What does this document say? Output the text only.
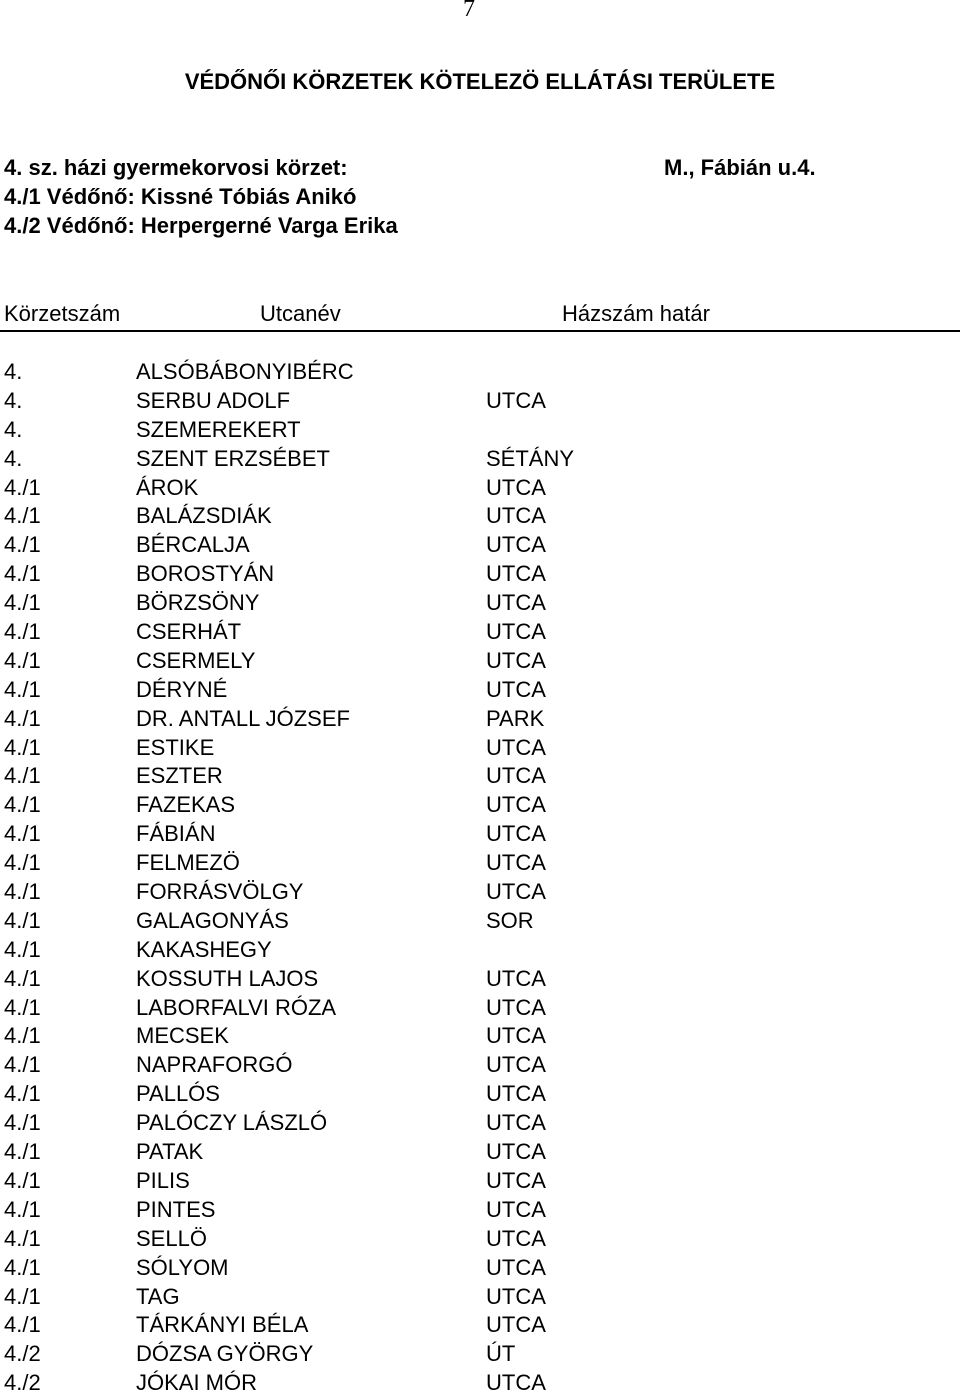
7
VÉDŐNŐI KÖRZETEK KÖTELEZÖ ELLÁTÁSI TERÜLETE
4. sz. házi gyermekorvosi körzet:	M., Fábián u.4.
4./1 Védőnő: Kissné Tóbiás Anikó
4./2 Védőnő: Herpergerné Varga Erika
Körzetszám	Utcanév	Házszám határ
4.	ALSÓBÁBONYIBÉRC
4.	SERBU ADOLF	UTCA
4.	SZEMEREKERT
4.	SZENT ERZSÉBET	SÉTÁNY
4./1	ÁROK	UTCA
4./1	BALÁZSDIÁK	UTCA
4./1	BÉRCALJA	UTCA
4./1	BOROSTYÁN	UTCA
4./1	BÖRZSÖNY	UTCA
4./1	CSERHÁT	UTCA
4./1	CSERMELY	UTCA
4./1	DÉRYNÉ	UTCA
4./1	DR. ANTALL JÓZSEF	PARK
4./1	ESTIKE	UTCA
4./1	ESZTER	UTCA
4./1	FAZEKAS	UTCA
4./1	FÁBIÁN	UTCA
4./1	FELMEZÖ	UTCA
4./1	FORRÁSVÖLGY	UTCA
4./1	GALAGONYÁS	SOR
4./1	KAKASHEGY
4./1	KOSSUTH LAJOS	UTCA
4./1	LABORFALVI RÓZA	UTCA
4./1	MECSEK	UTCA
4./1	NAPRAFORGÓ	UTCA
4./1	PALLÓS	UTCA
4./1	PALÓCZY LÁSZLÓ	UTCA
4./1	PATAK	UTCA
4./1	PILIS	UTCA
4./1	PINTES	UTCA
4./1	SELLÖ	UTCA
4./1	SÓLYOM	UTCA
4./1	TAG	UTCA
4./1	TÁRKÁNYI BÉLA	UTCA
4./2	DÓZSA GYÖRGY	ÚT
4./2	JÓKAI MÓR	UTCA
